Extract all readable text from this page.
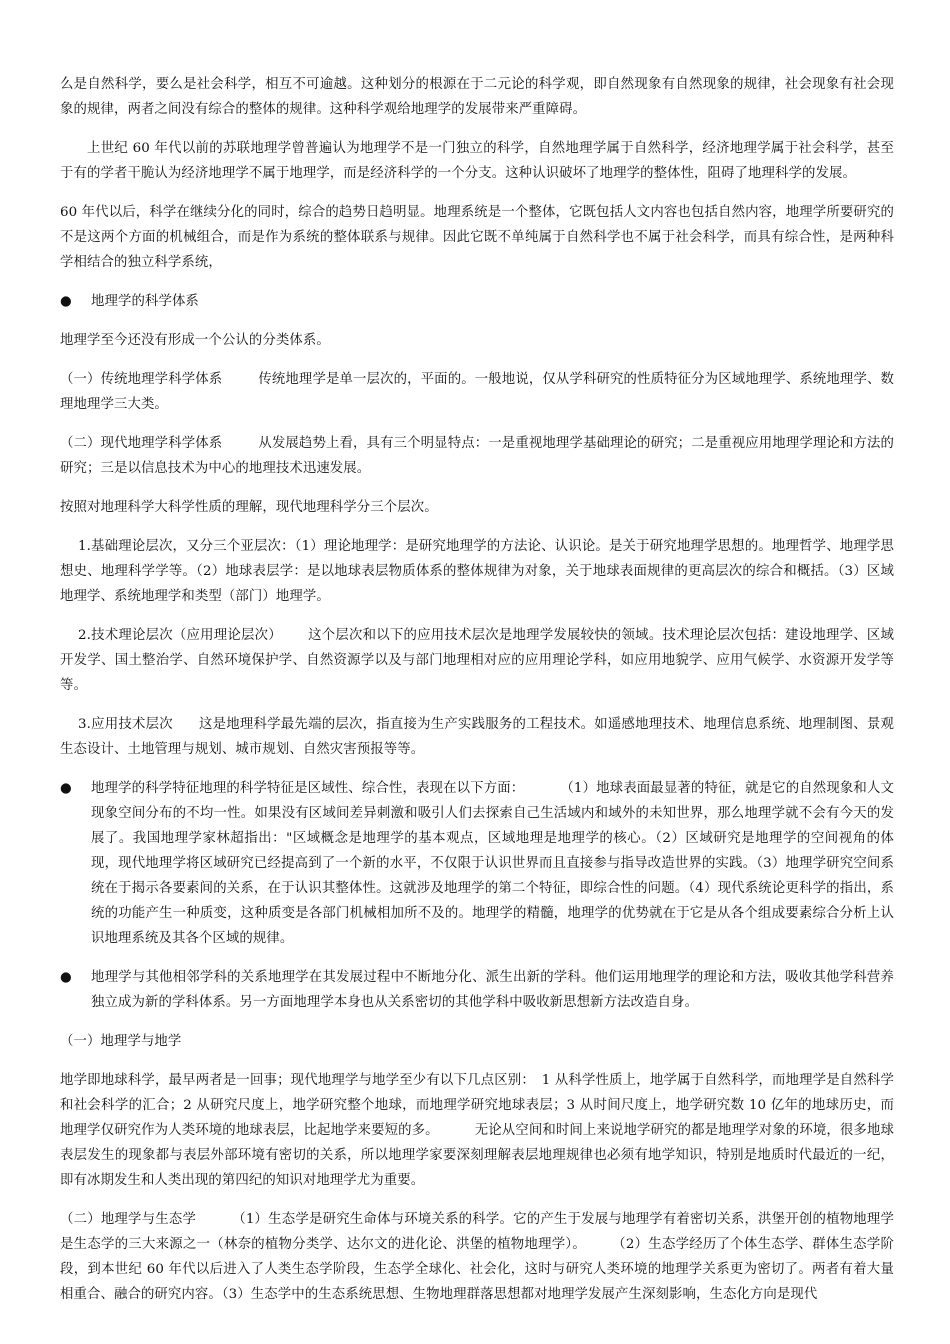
么是自然科学，要么是社会科学，相互不可逾越。这种划分的根源在于二元论的科学观，即自然现象有自然现象的规律，社会现象有社会现象的规律，两者之间没有综合的整体的规律。这种科学观给地理学的发展带来严重障碍。

上世纪 60 年代以前的苏联地理学曾普遍认为地理学不是一门独立的科学，自然地理学属于自然科学，经济地理学属于社会科学，甚至于有的学者干脆认为经济地理学不属于地理学，而是经济科学的一个分支。这种认识破坏了地理学的整体性，阻碍了地理科学的发展。

60 年代以后，科学在继续分化的同时，综合的趋势日趋明显。地理系统是一个整体，它既包括人文内容也包括自然内容，地理学所要研究的不是这两个方面的机械组合，而是作为系统的整体联系与规律。因此它既不单纯属于自然科学也不属于社会科学，而具有综合性，是两种科学相结合的独立科学系统，

●	地理学的科学体系

地理学至今还没有形成一个公认的分类体系。

（一）传统地理学科学体系	传统地理学是单一层次的，平面的。一般地说，仅从学科研究的性质特征分为区域地理学、系统地理学、数理地理学三大类。

（二）现代地理学科学体系	从发展趋势上看，具有三个明显特点：一是重视地理学基础理论的研究；二是重视应用地理学理论和方法的研究；三是以信息技术为中心的地理技术迅速发展。

按照对地理科学大科学性质的理解，现代地理科学分三个层次。

1.基础理论层次，又分三个亚层次：（1）理论地理学：是研究地理学的方法论、认识论。是关于研究地理学思想的。地理哲学、地理学思想史、地理科学学等。（2）地球表层学：是以地球表层物质体系的整体规律为对象，关于地球表面规律的更高层次的综合和概括。（3）区域地理学、系统地理学和类型（部门）地理学。

2.技术理论层次（应用理论层次） 这个层次和以下的应用技术层次是地理学发展较快的领域。技术理论层次包括：建设地理学、区域开发学、国土整治学、自然环境保护学、自然资源学以及与部门地理相对应的应用理论学科，如应用地貌学、应用气候学、水资源开发学等等。

3.应用技术层次 这是地理科学最先端的层次，指直接为生产实践服务的工程技术。如遥感地理技术、地理信息系统、地理制图、景观生态设计、土地管理与规划、城市规划、自然灾害预报等等。

●	地理学的科学特征地理的科学特征是区域性、综合性，表现在以下方面：	（1）地球表面最显著的特征，就是它的自然现象和人文现象空间分布的不均一性。如果没有区域间差异刺激和吸引人们去探索自己生活域内和域外的未知世界，那么地理学就不会有今天的发展了。我国地理学家林超指出："区域概念是地理学的基本观点，区域地理是地理学的核心。（2）区域研究是地理学的空间视角的体现，现代地理学将区域研究已经提高到了一个新的水平，不仅限于认识世界而且直接参与指导改造世界的实践。（3）地理学研究空间系统在于揭示各要素间的关系，在于认识其整体性。这就涉及地理学的第二个特征，即综合性的问题。（4）现代系统论更科学的指出，系统的功能产生一种质变，这种质变是各部门机械相加所不及的。地理学的精髓，地理学的优势就在于它是从各个组成要素综合分析上认识地理系统及其各个区域的规律。

●	地理学与其他相邻学科的关系地理学在其发展过程中不断地分化、派生出新的学科。他们运用地理学的理论和方法，吸收其他学科营养独立成为新的学科体系。另一方面地理学本身也从关系密切的其他学科中吸收新思想新方法改造自身。

（一）地理学与地学

地学即地球科学，最早两者是一回事；现代地理学与地学至少有以下几点区别：　1 从科学性质上，地学属于自然科学，而地理学是自然科学和社会科学的汇合；2 从研究尺度上，地学研究整个地球，而地理学研究地球表层；3 从时间尺度上，地学研究数 10 亿年的地球历史，而地理学仅研究作为人类环境的地球表层，比起地学来要短的多。	无论从空间和时间上来说地学研究的都是地理学对象的环境，很多地球表层发生的现象都与表层外部环境有密切的关系，所以地理学家要深刻理解表层地理规律也必须有地学知识，特别是地质时代最近的一纪，即有冰期发生和人类出现的第四纪的知识对地理学尤为重要。

（二）地理学与生态学	（1）生态学是研究生命体与环境关系的科学。它的产生于发展与地理学有着密切关系，洪堡开创的植物地理学是生态学的三大来源之一（林奈的植物分类学、达尔文的进化论、洪堡的植物地理学）。 （2）生态学经历了个体生态学、群体生态学阶段，到本世纪 60 年代以后进入了人类生态学阶段，生态学全球化、社会化，这时与研究人类环境的地理学关系更为密切了。两者有着大量相重合、融合的研究内容。（3）生态学中的生态系统思想、生物地理群落思想都对地理学发展产生深刻影响，生态化方向是现代
